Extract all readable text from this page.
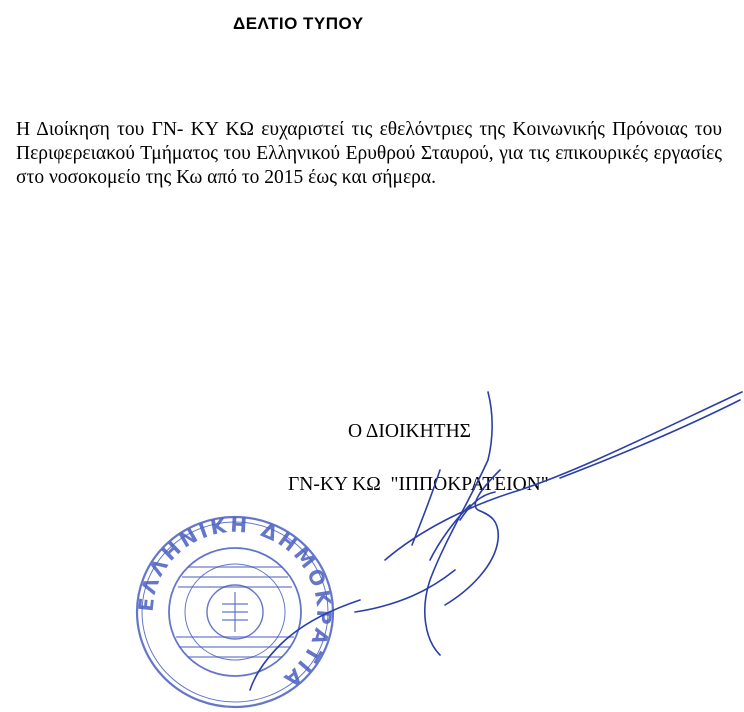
ΔΕΛΤΙΟ ΤΥΠΟΥ
Η Διοίκηση του ΓΝ- ΚΥ ΚΩ ευχαριστεί τις εθελόντριες της Κοινωνικής Πρόνοιας του Περιφερειακού Τμήματος του Ελληνικού Ερυθρού Σταυρού, για τις επικουρικές εργασίες στο νοσοκομείο της Κω από το 2015 έως και σήμερα.
Ο ΔΙΟΙΚΗΤΗΣ
ΓΝ-ΚΥ ΚΩ  "ΙΠΠΟΚΡΑΤΕΙΟΝ"
ΕΛΛΗΝΙΚΗ ΔΗΜΟΚΡΑΤΙΑ
